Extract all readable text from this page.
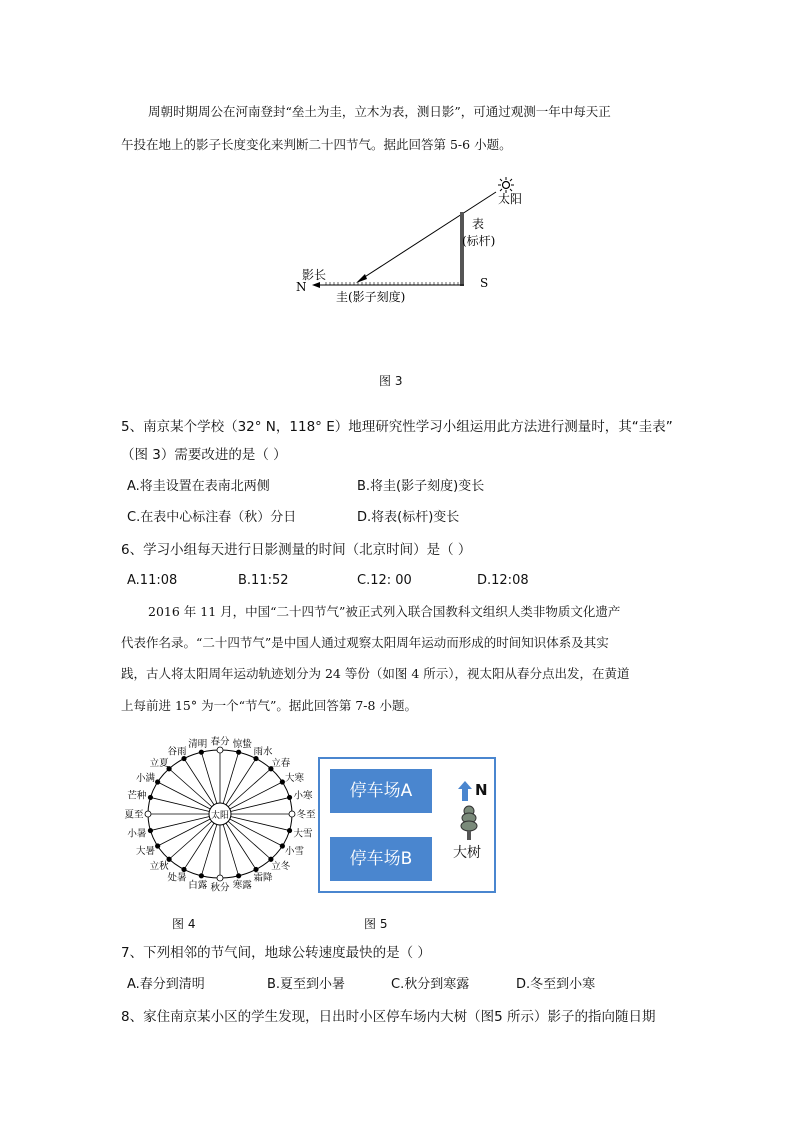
周朝时期周公在河南登封“垒土为圭，立木为表，测日影”，可通过观测一年中每天正
午投在地上的影子长度变化来判断二十四节气。据此回答第 5-6 小题。
太阳
表
(标杆)
影长
N	S
圭(影子刻度)
图 3
5、南京某个学校（32° N，118° E）地理研究性学习小组运用此方法进行测量时，其“圭表”
（图 3）需要改进的是（ ）
A.将圭设置在表南北两侧	B.将圭(影子刻度)变长
C.在表中心标注春（秋）分日	D.将表(标杆)变长
6、学习小组每天进行日影测量的时间（北京时间）是（ ）
A.11:08	B.11:52	C.12: 00	D.12:08
2016 年 11 月，中国“二十四节气”被正式列入联合国教科文组织人类非物质文化遗产
代表作名录。“二十四节气”是中国人通过观察太阳周年运动而形成的时间知识体系及其实
践，古人将太阳周年运动轨迹划分为 24 等份（如图 4 所示），视太阳从春分点出发，在黄道
上每前进 15° 为一个“节气”。据此回答第 7-8 小题。
太阳
春分 惊蛰
雨水
立春
大寒
小寒
冬至
大雪
小雪
立冬
霜降
寒露
秋分
白露
处暑
立秋
大暑
小暑
夏至
芒种
小满
立夏
谷雨
清明
图 4
停车场A
停车场B
N
大树
图 5
7、下列相邻的节气间，地球公转速度最快的是（ ）
A.春分到清明	B.夏至到小暑	C.秋分到寒露	D.冬至到小寒
8、家住南京某小区的学生发现，日出时小区停车场内大树（图5 所示）影子的指向随日期
